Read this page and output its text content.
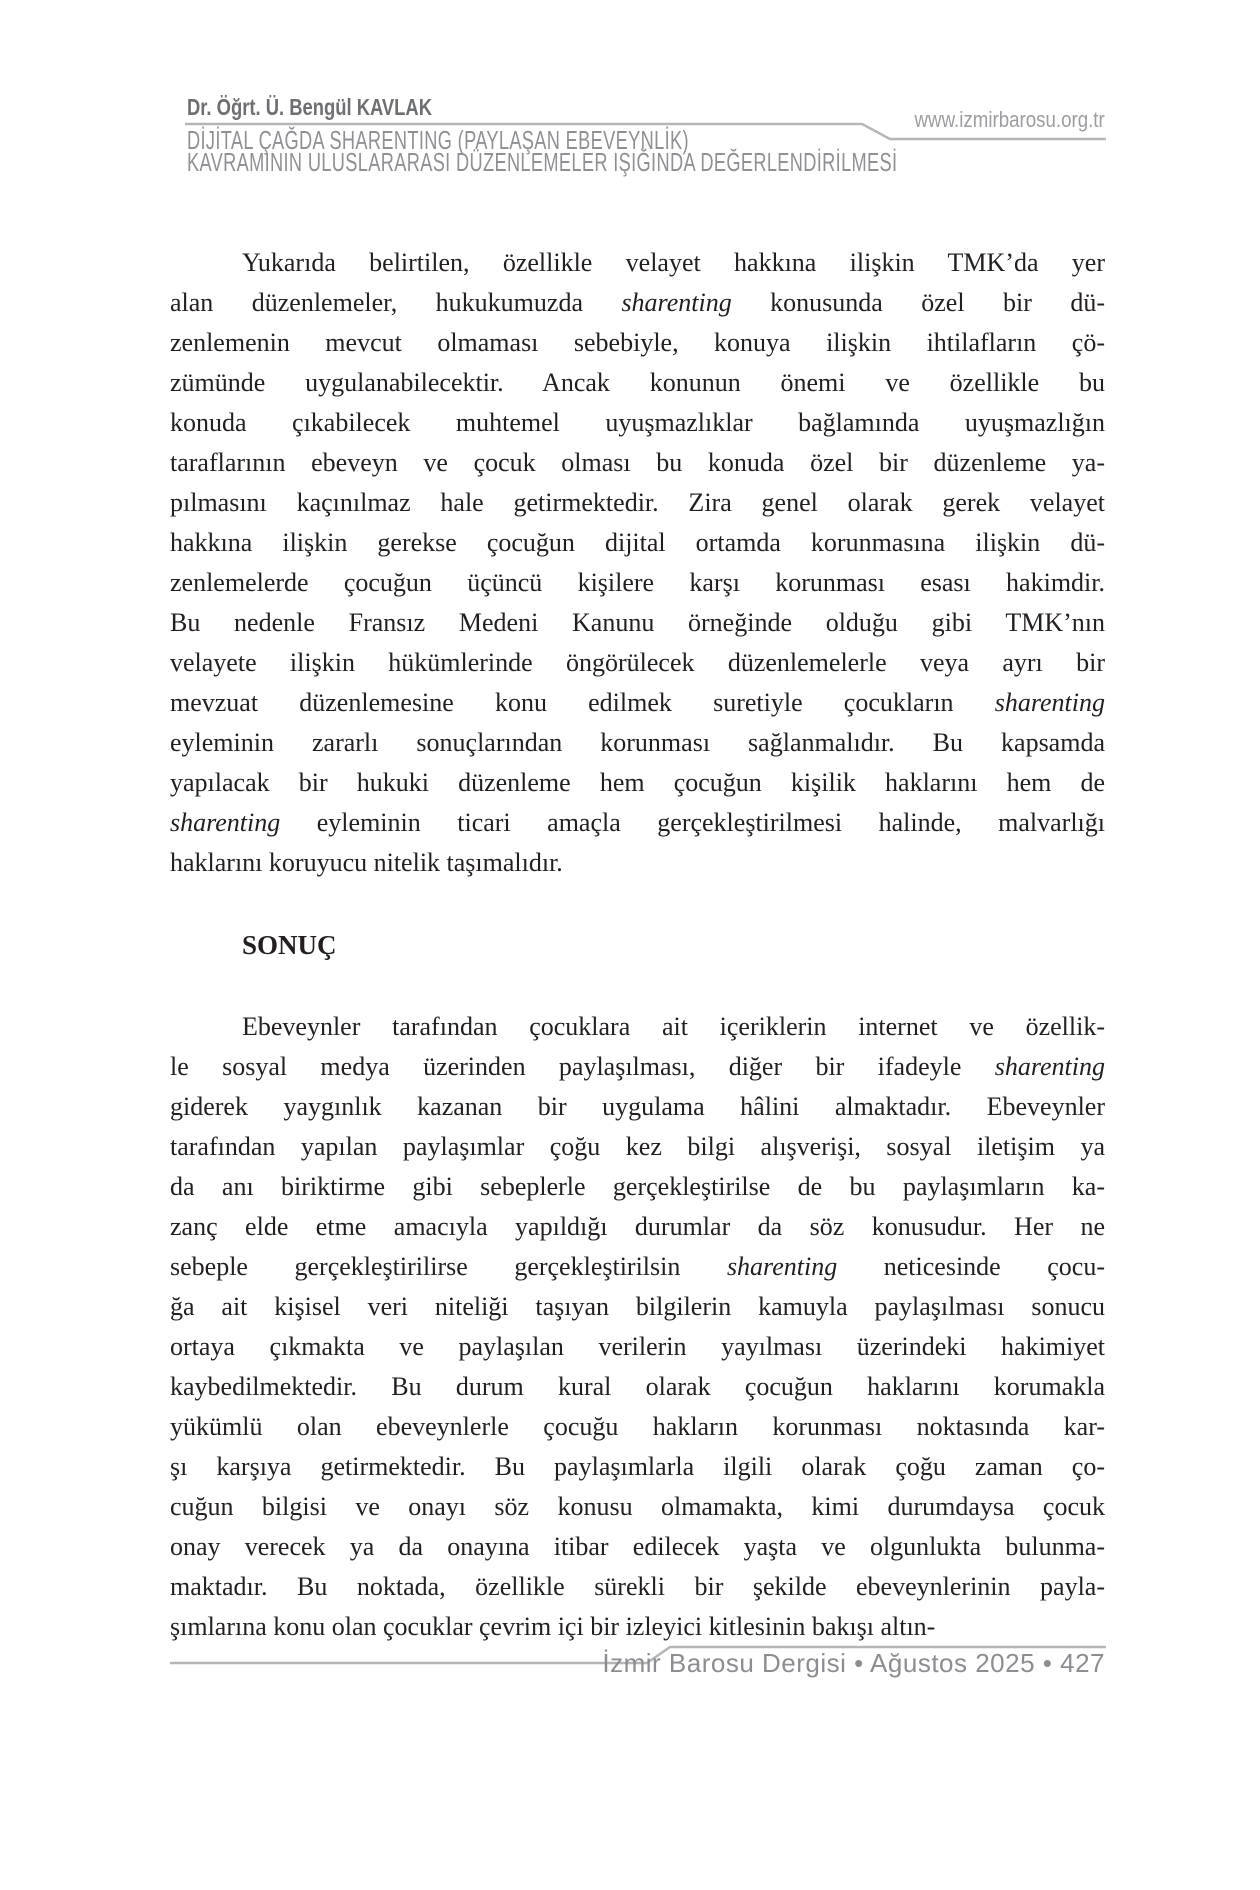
Dr. Öğrt. Ü. Bengül KAVLAK	www.izmirbarosu.org.tr
DİJİTAL ÇAĞDA SHARENTING (PAYLAŞAN EBEVEYNLİK)
KAVRAMININ ULUSLARARASI DÜZENLEMELER IŞIĞINDA DEĞERLENDİRİLMESİ
Yukarıda belirtilen, özellikle velayet hakkına ilişkin TMK’da yer
alan düzenlemeler, hukukumuzda sharenting konusunda özel bir dü-
zenlemenin mevcut olmaması sebebiyle, konuya ilişkin ihtilafların çö-
zümünde uygulanabilecektir. Ancak konunun önemi ve özellikle bu
konuda çıkabilecek muhtemel uyuşmazlıklar bağlamında uyuşmazlığın
taraflarının ebeveyn ve çocuk olması bu konuda özel bir düzenleme ya-
pılmasını kaçınılmaz hale getirmektedir. Zira genel olarak gerek velayet
hakkına ilişkin gerekse çocuğun dijital ortamda korunmasına ilişkin dü-
zenlemelerde çocuğun üçüncü kişilere karşı korunması esası hakimdir.
Bu nedenle Fransız Medeni Kanunu örneğinde olduğu gibi TMK’nın
velayete ilişkin hükümlerinde öngörülecek düzenlemelerle veya ayrı bir
mevzuat düzenlemesine konu edilmek suretiyle çocukların sharenting
eyleminin zararlı sonuçlarından korunması sağlanmalıdır. Bu kapsamda
yapılacak bir hukuki düzenleme hem çocuğun kişilik haklarını hem de
sharenting eyleminin ticari amaçla gerçekleştirilmesi halinde, malvarlığı
haklarını koruyucu nitelik taşımalıdır.
SONUÇ
Ebeveynler tarafından çocuklara ait içeriklerin internet ve özellik-
le sosyal medya üzerinden paylaşılması, diğer bir ifadeyle sharenting
giderek yaygınlık kazanan bir uygulama hâlini almaktadır. Ebeveynler
tarafından yapılan paylaşımlar çoğu kez bilgi alışverişi, sosyal iletişim ya
da anı biriktirme gibi sebeplerle gerçekleştirilse de bu paylaşımların ka-
zanç elde etme amacıyla yapıldığı durumlar da söz konusudur. Her ne
sebeple gerçekleştirilirse gerçekleştirilsin sharenting neticesinde çocu-
ğa ait kişisel veri niteliği taşıyan bilgilerin kamuyla paylaşılması sonucu
ortaya çıkmakta ve paylaşılan verilerin yayılması üzerindeki hakimiyet
kaybedilmektedir. Bu durum kural olarak çocuğun haklarını korumakla
yükümlü olan ebeveynlerle çocuğu hakların korunması noktasında kar-
şı karşıya getirmektedir. Bu paylaşımlarla ilgili olarak çoğu zaman ço-
cuğun bilgisi ve onayı söz konusu olmamakta, kimi durumdaysa çocuk
onay verecek ya da onayına itibar edilecek yaşta ve olgunlukta bulunma-
maktadır. Bu noktada, özellikle sürekli bir şekilde ebeveynlerinin payla-
şımlarına konu olan çocuklar çevrim içi bir izleyici kitlesinin bakışı altın-
İzmir Barosu Dergisi • Ağustos 2025 • 427
